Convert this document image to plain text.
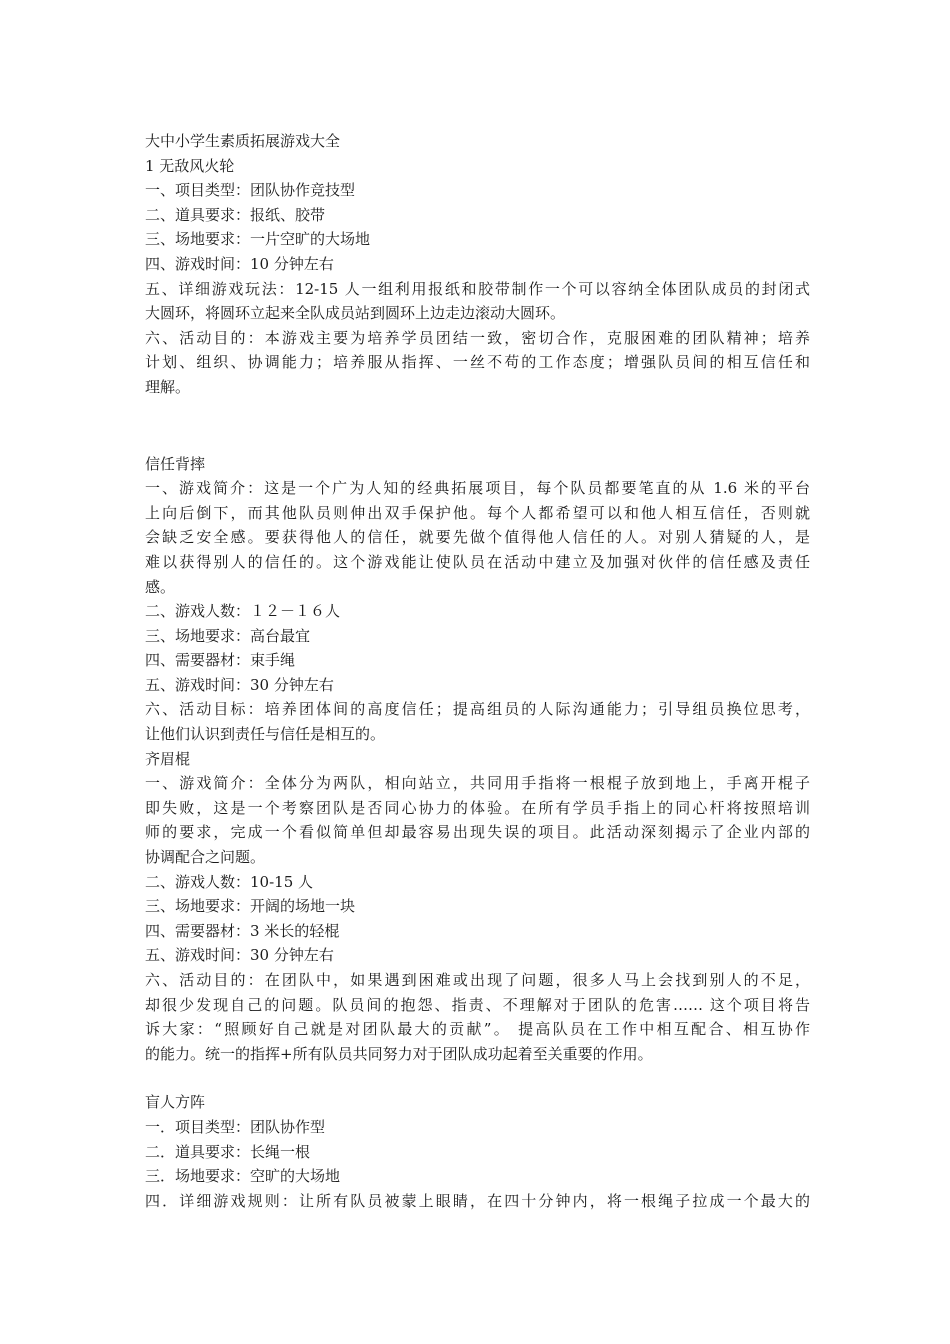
大中小学生素质拓展游戏大全
1 无敌风火轮
一、项目类型：团队协作竞技型
二、道具要求：报纸、胶带
三、场地要求：一片空旷的大场地
四、游戏时间：10 分钟左右
五、详细游戏玩法：12-15 人一组利用报纸和胶带制作一个可以容纳全体团队成员的封闭式
大圆环，将圆环立起来全队成员站到圆环上边走边滚动大圆环。
六、活动目的：本游戏主要为培养学员团结一致，密切合作，克服困难的团队精神；培养
计划、组织、协调能力；培养服从指挥、一丝不苟的工作态度；增强队员间的相互信任和
理解。
信任背摔
一、游戏简介：这是一个广为人知的经典拓展项目，每个队员都要笔直的从 1.6 米的平台
上向后倒下，而其他队员则伸出双手保护他。每个人都希望可以和他人相互信任，否则就
会缺乏安全感。要获得他人的信任，就要先做个值得他人信任的人。对别人猜疑的人，是
难以获得别人的信任的。这个游戏能让使队员在活动中建立及加强对伙伴的信任感及责任
感。
二、游戏人数：１２－１６人
三、场地要求：高台最宜
四、需要器材：束手绳
五、游戏时间：30 分钟左右
六、活动目标：培养团体间的高度信任；提高组员的人际沟通能力；引导组员换位思考，
让他们认识到责任与信任是相互的。
齐眉棍
一、游戏简介：全体分为两队，相向站立，共同用手指将一根棍子放到地上，手离开棍子
即失败，这是一个考察团队是否同心协力的体验。在所有学员手指上的同心杆将按照培训
师的要求，完成一个看似简单但却最容易出现失误的项目。此活动深刻揭示了企业内部的
协调配合之问题。
二、游戏人数：10-15 人
三、场地要求：开阔的场地一块
四、需要器材：3 米长的轻棍
五、游戏时间：30 分钟左右
六、活动目的：在团队中，如果遇到困难或出现了问题，很多人马上会找到别人的不足，
却很少发现自己的问题。队员间的抱怨、指责、不理解对于团队的危害…… 这个项目将告
诉大家：“照顾好自己就是对团队最大的贡献”。 提高队员在工作中相互配合、相互协作
的能力。统一的指挥+所有队员共同努力对于团队成功起着至关重要的作用。
盲人方阵
一．项目类型：团队协作型
二．道具要求：长绳一根
三．场地要求：空旷的大场地
四．详细游戏规则：让所有队员被蒙上眼睛，在四十分钟内，将一根绳子拉成一个最大的
